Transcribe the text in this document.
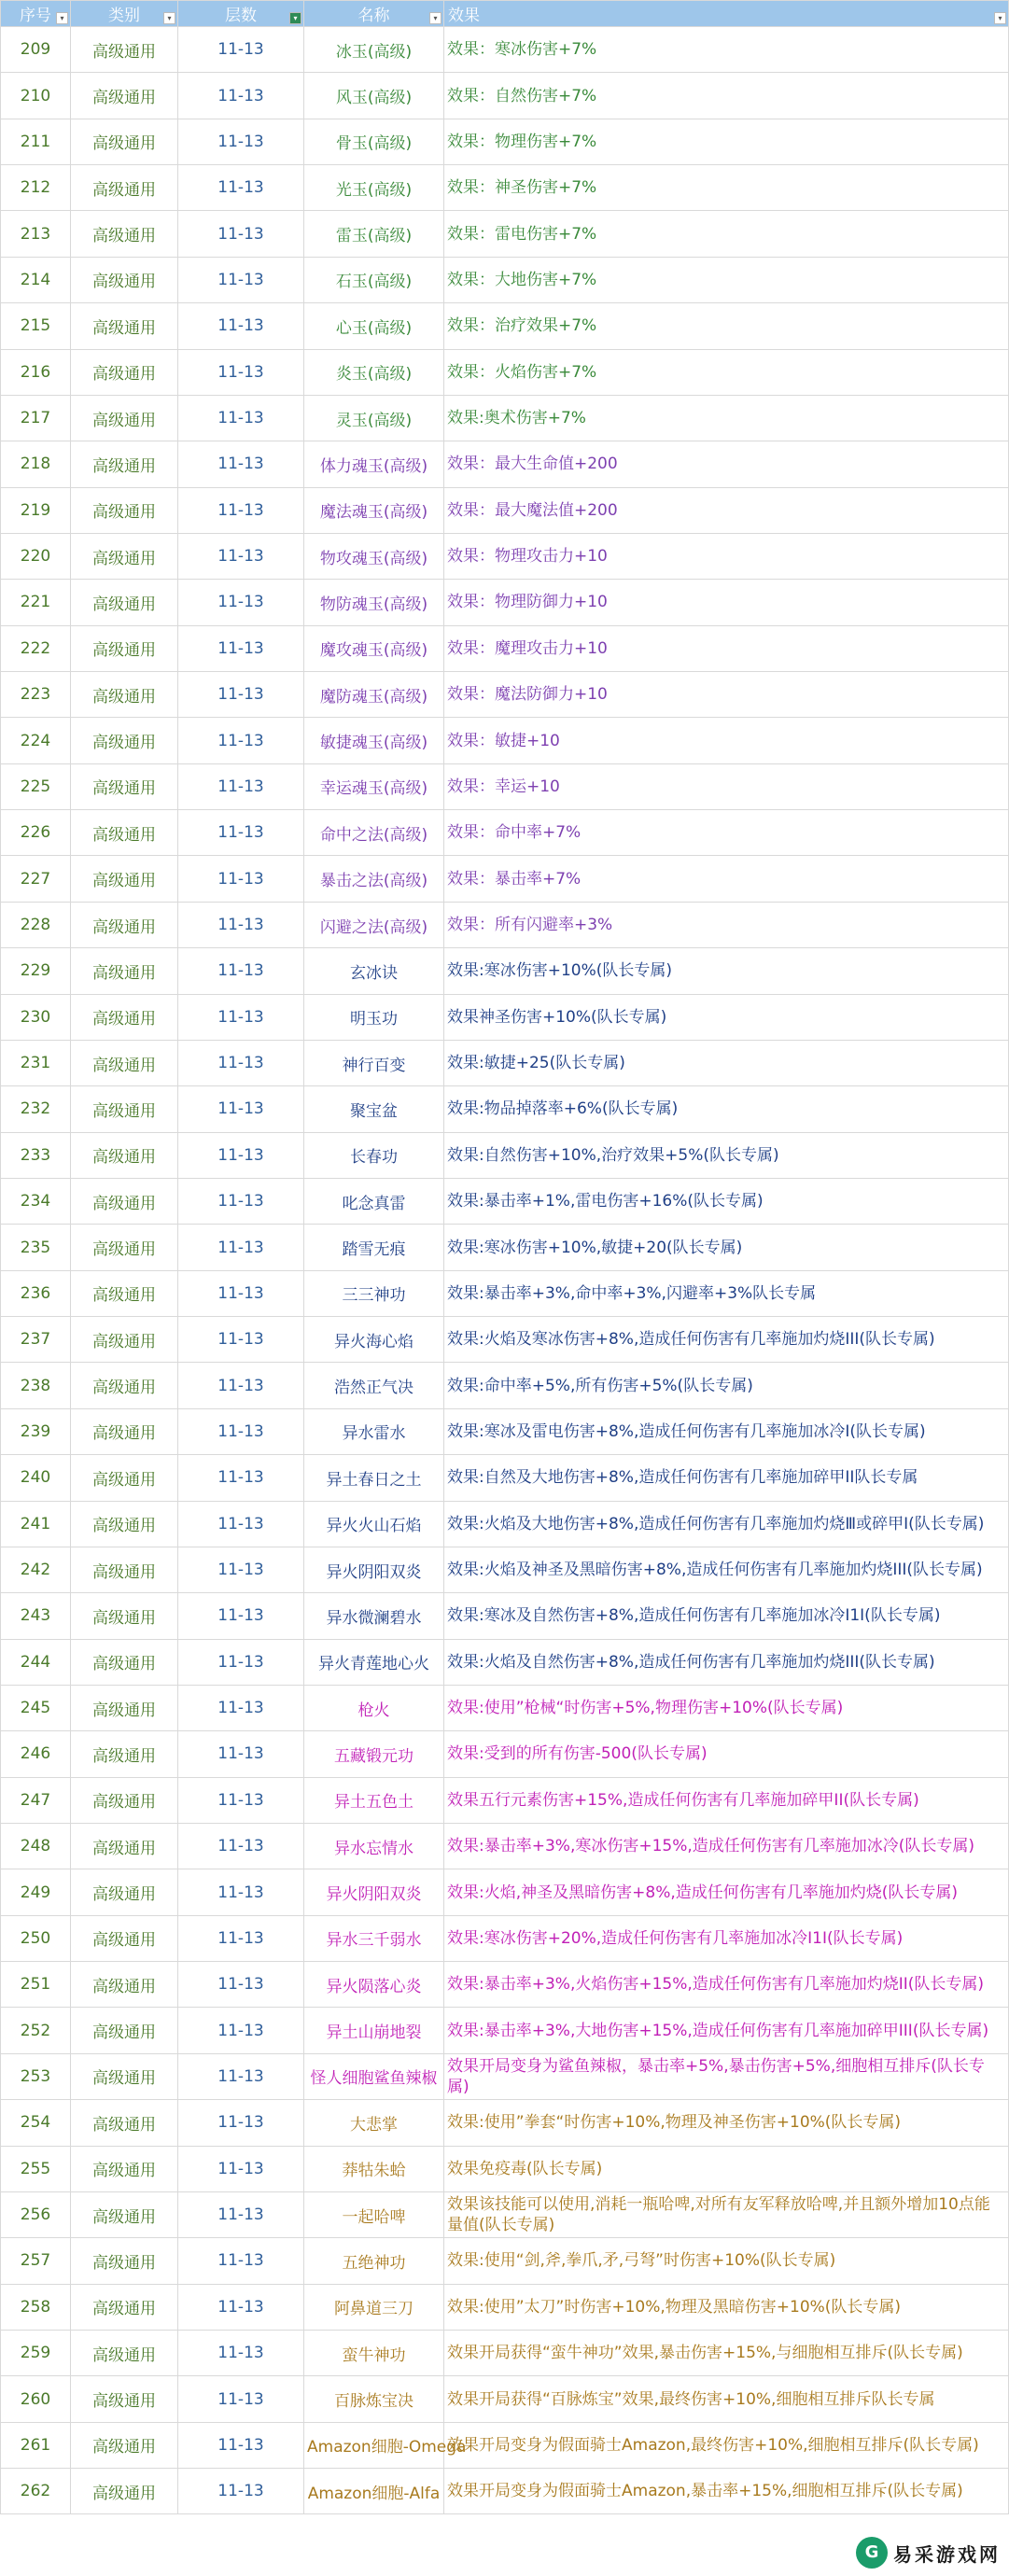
序号 ▾	类别 ▾	层数 ▾	名称 ▾	效果 ▾

209	高级通用	11-13	冰玉(高级)	效果：寒冰伤害+7%
210	高级通用	11-13	风玉(高级)	效果：自然伤害+7%
211	高级通用	11-13	骨玉(高级)	效果：物理伤害+7%
212	高级通用	11-13	光玉(高级)	效果：神圣伤害+7%
213	高级通用	11-13	雷玉(高级)	效果：雷电伤害+7%
214	高级通用	11-13	石玉(高级)	效果：大地伤害+7%
215	高级通用	11-13	心玉(高级)	效果：治疗效果+7%
216	高级通用	11-13	炎玉(高级)	效果：火焰伤害+7%
217	高级通用	11-13	灵玉(高级)	效果:奥术伤害+7%
218	高级通用	11-13	体力魂玉(高级)	效果：最大生命值+200
219	高级通用	11-13	魔法魂玉(高级)	效果：最大魔法值+200
220	高级通用	11-13	物攻魂玉(高级)	效果：物理攻击力+10
221	高级通用	11-13	物防魂玉(高级)	效果：物理防御力+10
222	高级通用	11-13	魔攻魂玉(高级)	效果：魔理攻击力+10
223	高级通用	11-13	魔防魂玉(高级)	效果：魔法防御力+10
224	高级通用	11-13	敏捷魂玉(高级)	效果：敏捷+10
225	高级通用	11-13	幸运魂玉(高级)	效果：幸运+10
226	高级通用	11-13	命中之法(高级)	效果：命中率+7%
227	高级通用	11-13	暴击之法(高级)	效果：暴击率+7%
228	高级通用	11-13	闪避之法(高级)	效果：所有闪避率+3%
229	高级通用	11-13	玄冰诀	效果:寒冰伤害+10%(队长专属)
230	高级通用	11-13	明玉功	效果神圣伤害+10%(队长专属)
231	高级通用	11-13	神行百变	效果:敏捷+25(队长专属)
232	高级通用	11-13	聚宝盆	效果:物品掉落率+6%(队长专属)
233	高级通用	11-13	长春功	效果:自然伤害+10%,治疗效果+5%(队长专属)
234	高级通用	11-13	叱念真雷	效果:暴击率+1%,雷电伤害+16%(队长专属)
235	高级通用	11-13	踏雪无痕	效果:寒冰伤害+10%,敏捷+20(队长专属)
236	高级通用	11-13	三三神功	效果:暴击率+3%,命中率+3%,闪避率+3%队长专属
237	高级通用	11-13	异火海心焰	效果:火焰及寒冰伤害+8%,造成任何伤害有几率施加灼烧III(队长专属)
238	高级通用	11-13	浩然正气决	效果:命中率+5%,所有伤害+5%(队长专属)
239	高级通用	11-13	异水雷水	效果:寒冰及雷电伤害+8%,造成任何伤害有几率施加冰冷I(队长专属)
240	高级通用	11-13	异土春日之土	效果:自然及大地伤害+8%,造成任何伤害有几率施加碎甲II队长专属
241	高级通用	11-13	异火火山石焰	效果:火焰及大地伤害+8%,造成任何伤害有几率施加灼烧Ⅲ或碎甲I(队长专属)
242	高级通用	11-13	异火阴阳双炎	效果:火焰及神圣及黑暗伤害+8%,造成任何伤害有几率施加灼烧III(队长专属)
243	高级通用	11-13	异水微澜碧水	效果:寒冰及自然伤害+8%,造成任何伤害有几率施加冰冷I1I(队长专属)
244	高级通用	11-13	异火青莲地心火	效果:火焰及自然伤害+8%,造成任何伤害有几率施加灼烧III(队长专属)
245	高级通用	11-13	枪火	效果:使用”枪械“时伤害+5%,物理伤害+10%(队长专属)
246	高级通用	11-13	五藏锻元功	效果:受到的所有伤害-500(队长专属)
247	高级通用	11-13	异土五色土	效果五行元素伤害+15%,造成任何伤害有几率施加碎甲II(队长专属)
248	高级通用	11-13	异水忘情水	效果:暴击率+3%,寒冰伤害+15%,造成任何伤害有几率施加冰冷(队长专属)
249	高级通用	11-13	异火阴阳双炎	效果:火焰,神圣及黑暗伤害+8%,造成任何伤害有几率施加灼烧(队长专属)
250	高级通用	11-13	异水三千弱水	效果:寒冰伤害+20%,造成任何伤害有几率施加冰冷I1I(队长专属)
251	高级通用	11-13	异火陨落心炎	效果:暴击率+3%,火焰伤害+15%,造成任何伤害有几率施加灼烧II(队长专属)
252	高级通用	11-13	异土山崩地裂	效果:暴击率+3%,大地伤害+15%,造成任何伤害有几率施加碎甲III(队长专属)
253	高级通用	11-13	怪人细胞鲨鱼辣椒	效果开局变身为鲨鱼辣椒，暴击率+5%,暴击伤害+5%,细胞相互排斥(队长专属)
254	高级通用	11-13	大悲掌	效果:使用”拳套“时伤害+10%,物理及神圣伤害+10%(队长专属)
255	高级通用	11-13	莽牯朱蛤	效果免疫毒(队长专属)
256	高级通用	11-13	一起哈啤	效果该技能可以使用,消耗一瓶哈啤,对所有友军释放哈啤,并且额外增加10点能量值(队长专属)
257	高级通用	11-13	五绝神功	效果:使用“剑,斧,拳爪,矛,弓弩”时伤害+10%(队长专属)
258	高级通用	11-13	阿鼻道三刀	效果:使用”太刀”时伤害+10%,物理及黑暗伤害+10%(队长专属)
259	高级通用	11-13	蛮牛神功	效果开局获得“蛮牛神功”效果,暴击伤害+15%,与细胞相互排斥(队长专属)
260	高级通用	11-13	百脉炼宝决	效果开局获得“百脉炼宝”效果,最终伤害+10%,细胞相互排斥队长专属
261	高级通用	11-13	Amazon细胞-Omega	效果开局变身为假面骑士Amazon,最终伤害+10%,细胞相互排斥(队长专属)
262	高级通用	11-13	Amazon细胞-Alfa	效果开局变身为假面骑士Amazon,暴击率+15%,细胞相互排斥(队长专属)
G 易采游戏网
